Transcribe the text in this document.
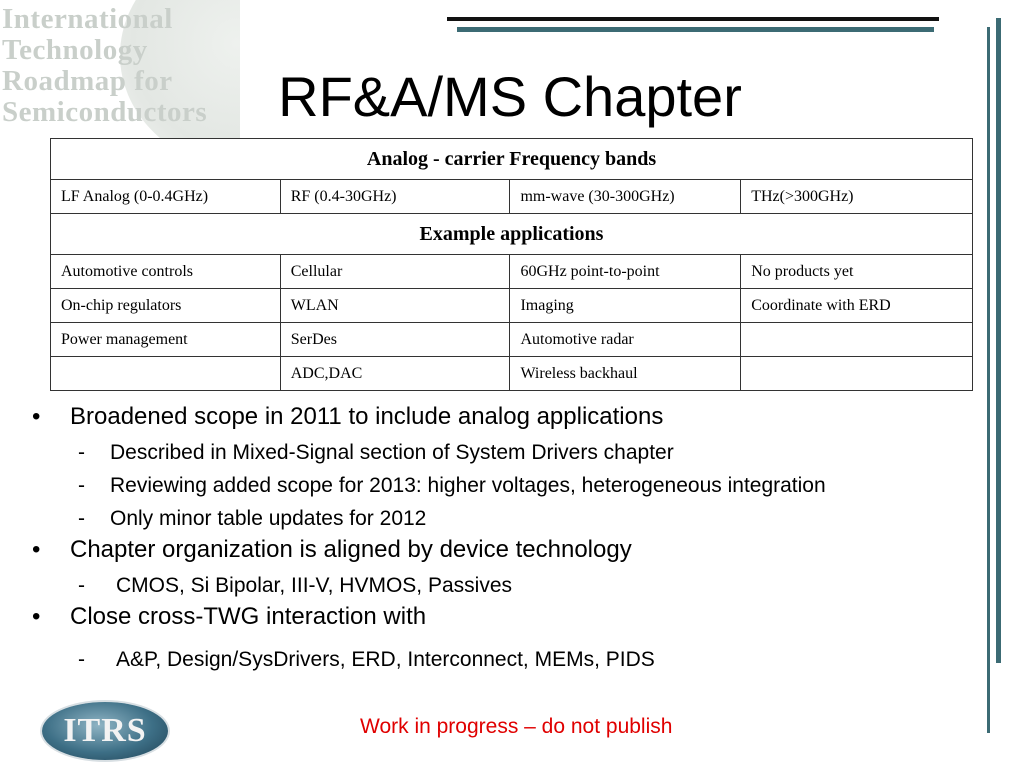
International
Technology
Roadmap for
Semiconductors	RF&A/MS Chapter
Analog - carrier Frequency bands			
LF Analog (0-0.4GHz)	RF (0.4-30GHz)	mm-wave (30-300GHz)	THz(>300GHz)
Example applications			
Automotive controls	Cellular	60GHz point-to-point	No products yet
On-chip regulators	WLAN	Imaging	Coordinate with ERD
Power management	SerDes	Automotive radar	
	ADC,DAC	Wireless backhaul	
• Broadened scope in 2011 to include analog applications
- Described in Mixed-Signal section of System Drivers chapter
- Reviewing added scope for 2013: higher voltages, heterogeneous integration
- Only minor table updates for 2012
• Chapter organization is aligned by device technology
- CMOS, Si Bipolar, III-V, HVMOS, Passives
• Close cross-TWG interaction with
- A&P, Design/SysDrivers, ERD, Interconnect, MEMs, PIDS
ITRS	Work in progress – do not publish
